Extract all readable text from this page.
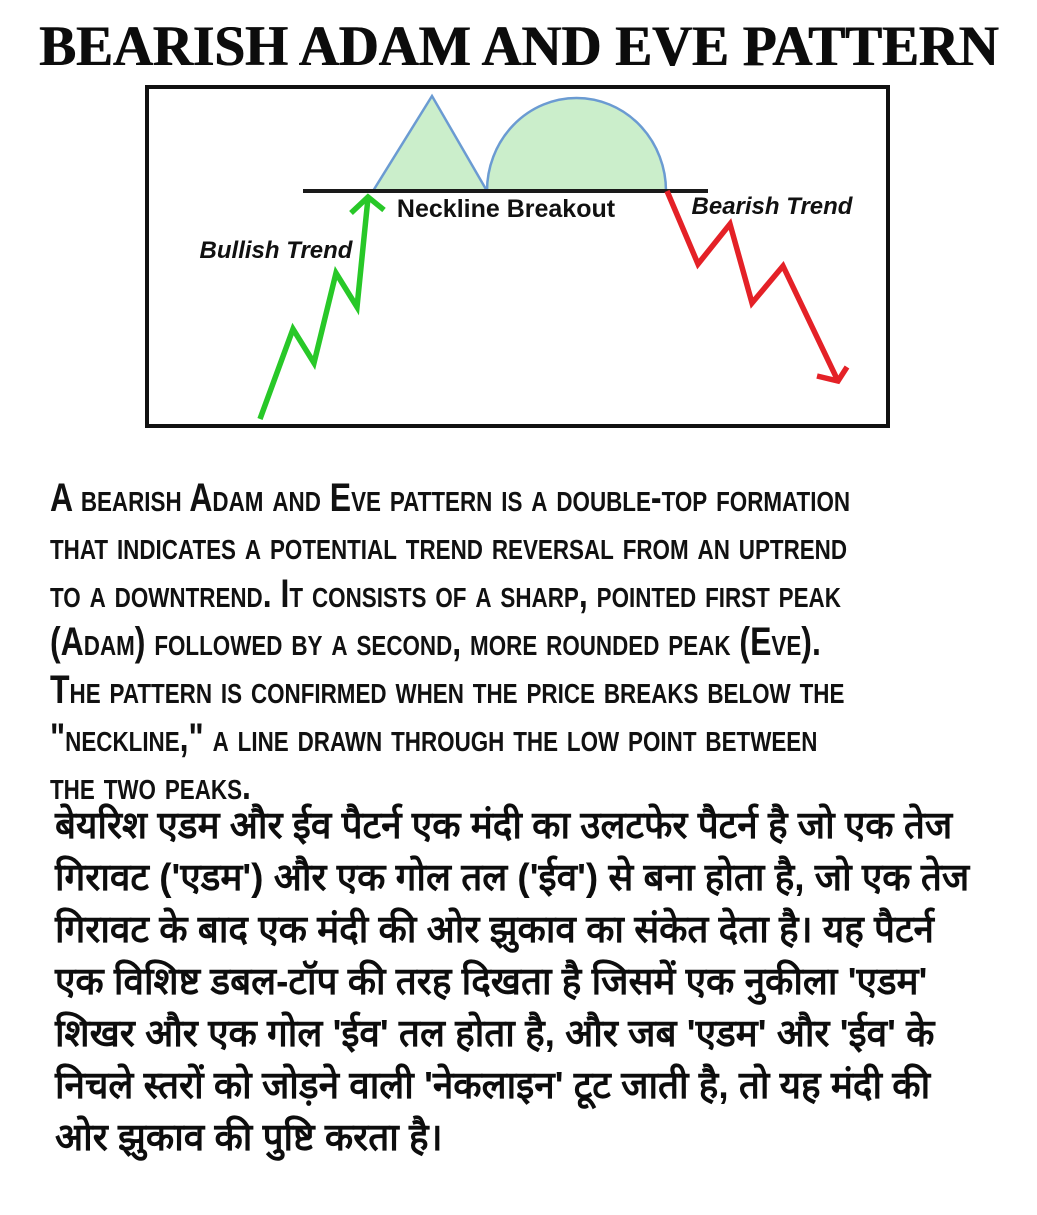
BEARISH ADAM AND EVE PATTERN
Neckline Breakout
Bullish Trend
Bearish Trend
A bearish Adam and Eve pattern is a double-top formation
that indicates a potential trend reversal from an uptrend
to a downtrend. It consists of a sharp, pointed first peak
(Adam) followed by a second, more rounded peak (Eve).
The pattern is confirmed when the price breaks below the
"neckline," a line drawn through the low point between
the two peaks.
बेयरिश एडम और ईव पैटर्न एक मंदी का उलटफेर पैटर्न है जो एक तेज
गिरावट ('एडम') और एक गोल तल ('ईव') से बना होता है, जो एक तेज
गिरावट के बाद एक मंदी की ओर झुकाव का संकेत देता है। यह पैटर्न
एक विशिष्ट डबल-टॉप की तरह दिखता है जिसमें एक नुकीला 'एडम'
शिखर और एक गोल 'ईव' तल होता है, और जब 'एडम' और 'ईव' के
निचले स्तरों को जोड़ने वाली 'नेकलाइन' टूट जाती है, तो यह मंदी की
ओर झुकाव की पुष्टि करता है।
